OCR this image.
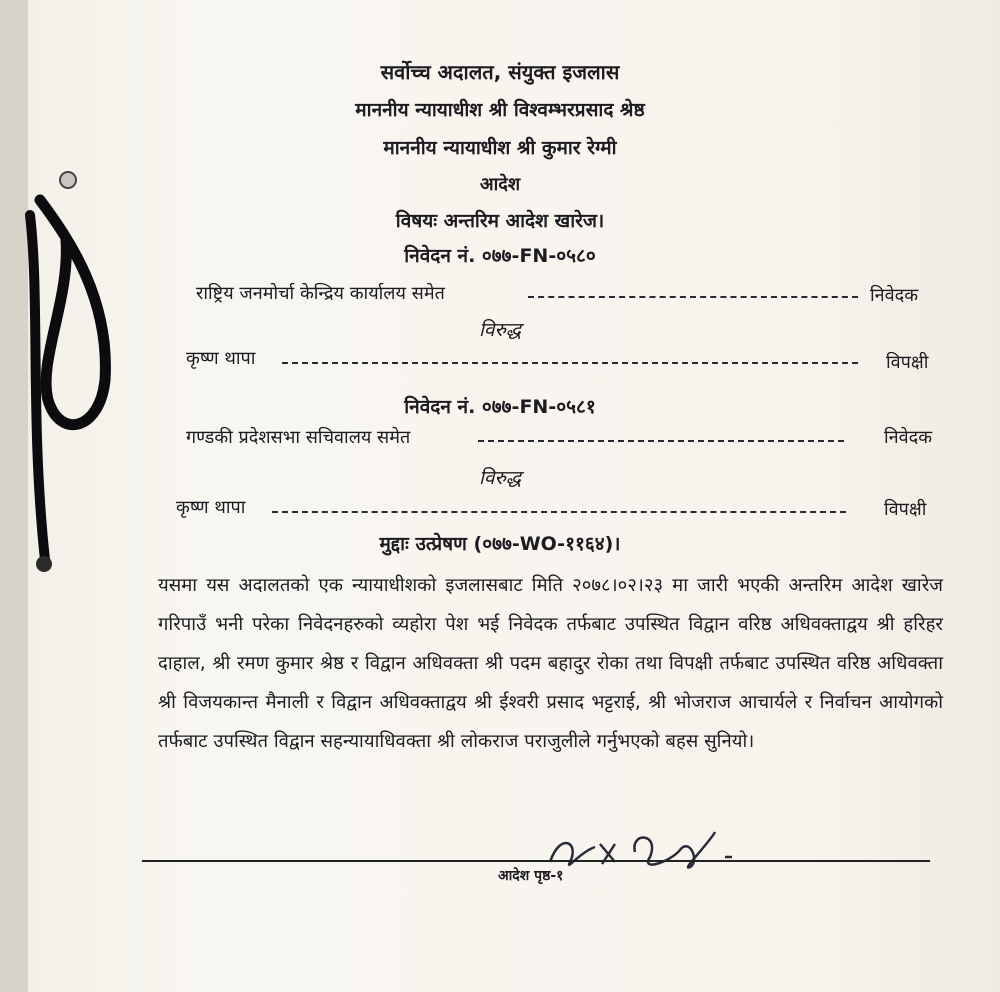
सर्वोच्च अदालत, संयुक्त इजलास
माननीय न्यायाधीश श्री विश्वम्भरप्रसाद श्रेष्ठ
माननीय न्यायाधीश श्री कुमार रेग्मी
आदेश
विषयः अन्तरिम आदेश खारेज।
निवेदन नं. ०७७-FN-०५८०
राष्ट्रिय जनमोर्चा केन्द्रिय कार्यालय समेत	निवेदक
विरुद्ध
कृष्ण थापा	विपक्षी
निवेदन नं. ०७७-FN-०५८१
गण्डकी प्रदेशसभा सचिवालय समेत	निवेदक
विरुद्ध
कृष्ण थापा	विपक्षी
मुद्दाः उत्प्रेषण (०७७-WO-११६४)।
यसमा यस अदालतको एक न्यायाधीशको इजलासबाट मिति २०७८।०२।२३ मा जारी भएकी अन्तरिम आदेश खारेज गरिपाउँ भनी परेका निवेदनहरुको व्यहोरा पेश भई निवेदक तर्फबाट उपस्थित विद्वान वरिष्ठ अधिवक्ताद्वय श्री हरिहर दाहाल, श्री रमण कुमार श्रेष्ठ र विद्वान अधिवक्ता श्री पदम बहादुर रोका तथा विपक्षी तर्फबाट उपस्थित वरिष्ठ अधिवक्ता श्री विजयकान्त मैनाली र विद्वान अधिवक्ताद्वय श्री ईश्वरी प्रसाद भट्टराई, श्री भोजराज आचार्यले र निर्वाचन आयोगको तर्फबाट उपस्थित विद्वान सहन्यायाधिवक्ता श्री लोकराज पराजुलीले गर्नुभएको बहस सुनियो।
आदेश पृष्ठ-१
